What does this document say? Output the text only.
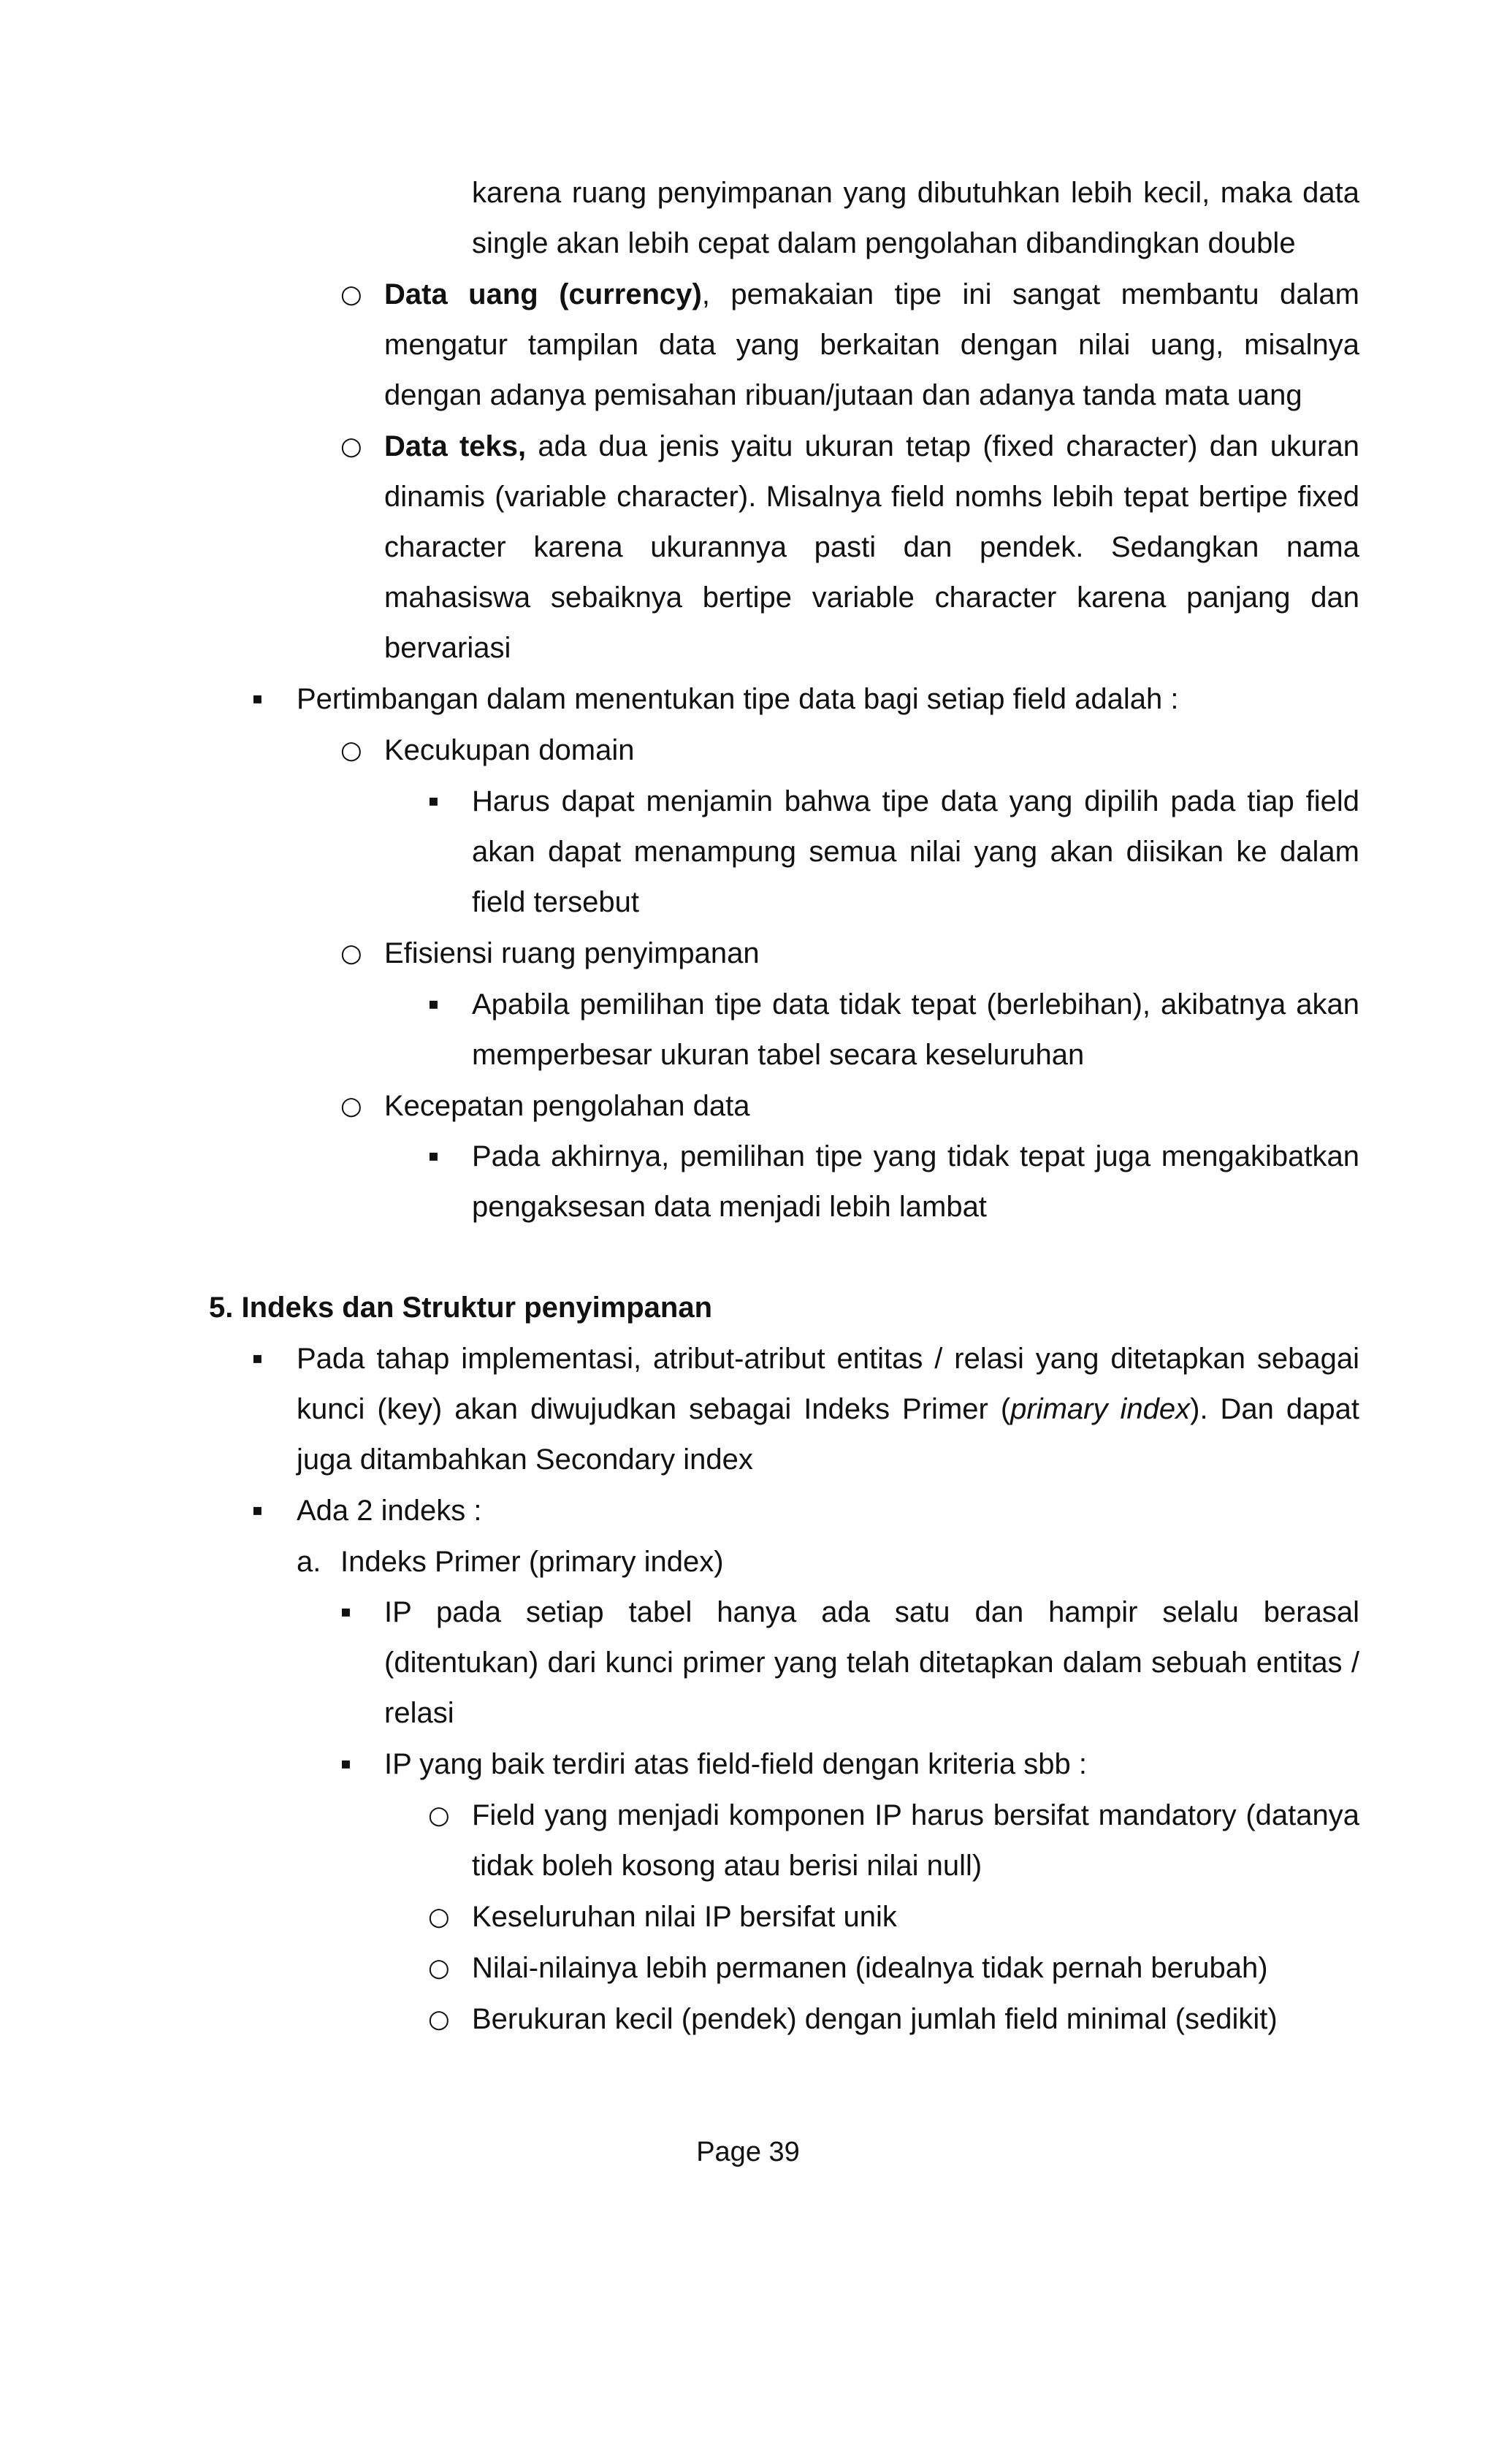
karena ruang penyimpanan yang dibutuhkan lebih kecil, maka data
single akan lebih cepat dalam pengolahan dibandingkan double
○ Data uang (currency), pemakaian tipe ini sangat membantu dalam
mengatur tampilan data yang berkaitan dengan nilai uang, misalnya
dengan adanya pemisahan ribuan/jutaan dan adanya tanda mata uang
○ Data teks, ada dua jenis yaitu ukuran tetap (fixed character) dan ukuran
dinamis (variable character). Misalnya field nomhs lebih tepat bertipe fixed
character karena ukurannya pasti dan pendek. Sedangkan nama
mahasiswa sebaiknya bertipe variable character karena panjang dan
bervariasi
▪ Pertimbangan dalam menentukan tipe data bagi setiap field adalah :
○ Kecukupan domain
▪ Harus dapat menjamin bahwa tipe data yang dipilih pada tiap field
akan dapat menampung semua nilai yang akan diisikan ke dalam
field tersebut
○ Efisiensi ruang penyimpanan
▪ Apabila pemilihan tipe data tidak tepat (berlebihan), akibatnya akan
memperbesar ukuran tabel secara keseluruhan
○ Kecepatan pengolahan data
▪ Pada akhirnya, pemilihan tipe yang tidak tepat juga mengakibatkan
pengaksesan data menjadi lebih lambat
5. Indeks dan Struktur penyimpanan
▪ Pada tahap implementasi, atribut-atribut entitas / relasi yang ditetapkan sebagai
kunci (key) akan diwujudkan sebagai Indeks Primer (primary index). Dan dapat
juga ditambahkan Secondary index
▪ Ada 2 indeks :
a. Indeks Primer (primary index)
▪ IP pada setiap tabel hanya ada satu dan hampir selalu berasal
(ditentukan) dari kunci primer yang telah ditetapkan dalam sebuah entitas /
relasi
▪ IP yang baik terdiri atas field-field dengan kriteria sbb :
○ Field yang menjadi komponen IP harus bersifat mandatory (datanya
tidak boleh kosong atau berisi nilai null)
○ Keseluruhan nilai IP bersifat unik
○ Nilai-nilainya lebih permanen (idealnya tidak pernah berubah)
○ Berukuran kecil (pendek) dengan jumlah field minimal (sedikit)
Page 39
